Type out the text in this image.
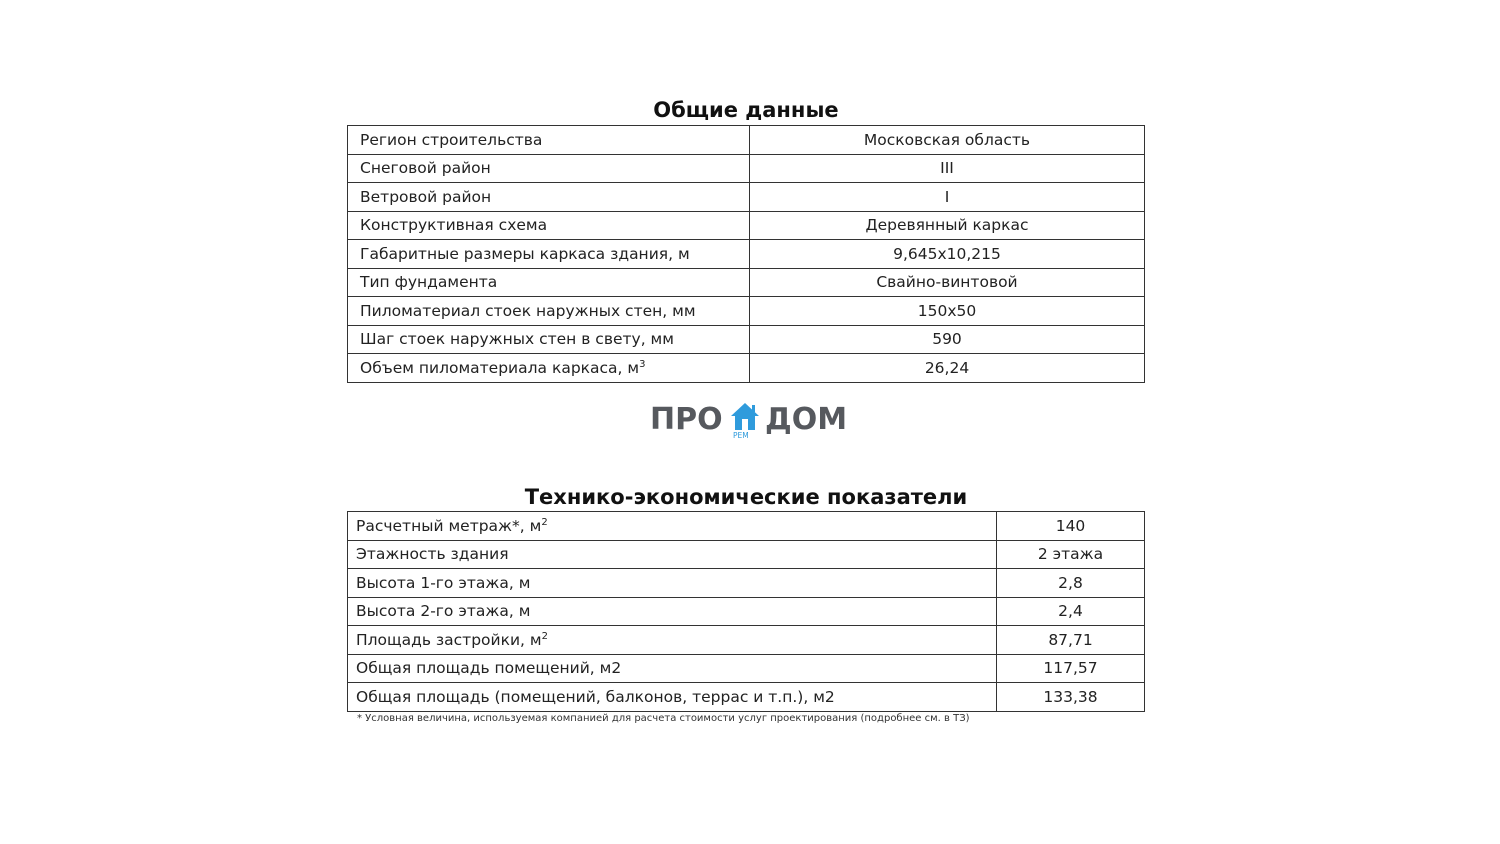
Общие данные
Регион строительства	Московская область
Снеговой район	III
Ветровой район	I
Конструктивная схема	Деревянный каркас
Габаритные размеры каркаса здания, м	9,645x10,215
Тип фундамента	Свайно-винтовой
Пиломатериал стоек наружных стен, мм	150x50
Шаг стоек наружных стен в свету, мм	590
Объем пиломатериала каркаса, $м^3$	26,24
ПРО РЕМ ДОМ
Технико-экономические показатели
Расчетный метраж*, $м^2$	140
Этажность здания	2 этажа
Высота 1-го этажа, м	2,8
Высота 2-го этажа, м	2,4
Площадь застройки, $м^2$	87,71
Общая площадь помещений, м2	117,57
Общая площадь (помещений, балконов, террас и т.п.), м2	133,38
* Условная величина, используемая компанией для расчета стоимости услуг проектирования (подробнее см. в ТЗ)
